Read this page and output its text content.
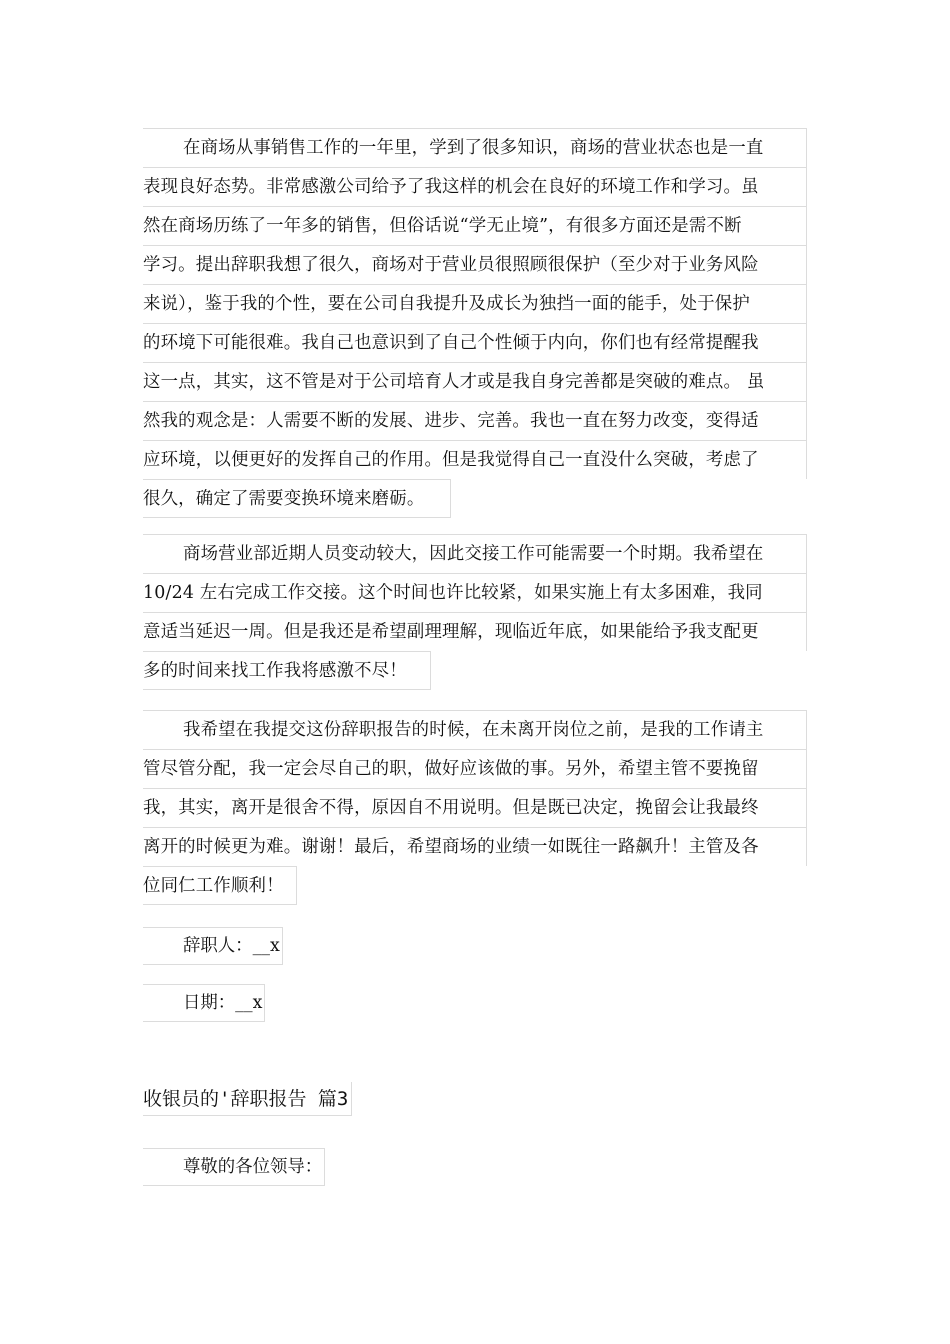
在商场从事销售工作的一年里，学到了很多知识，商场的营业状态也是一直
表现良好态势。非常感激公司给予了我这样的机会在良好的环境工作和学习。虽
然在商场历练了一年多的销售，但俗话说“学无止境”，有很多方面还是需不断
学习。提出辞职我想了很久，商场对于营业员很照顾很保护（至少对于业务风险
来说），鉴于我的个性，要在公司自我提升及成长为独挡一面的能手，处于保护
的环境下可能很难。我自己也意识到了自己个性倾于内向，你们也有经常提醒我
这一点，其实，这不管是对于公司培育人才或是我自身完善都是突破的难点。 虽
然我的观念是：人需要不断的发展、进步、完善。我也一直在努力改变，变得适
应环境，以便更好的发挥自己的作用。但是我觉得自己一直没什么突破，考虑了
很久，确定了需要变换环境来磨砺。
商场营业部近期人员变动较大，因此交接工作可能需要一个时期。我希望在
10/24 左右完成工作交接。这个时间也许比较紧，如果实施上有太多困难，我同
意适当延迟一周。但是我还是希望副理理解，现临近年底，如果能给予我支配更
多的时间来找工作我将感激不尽！
我希望在我提交这份辞职报告的时候，在未离开岗位之前，是我的工作请主
管尽管分配，我一定会尽自己的职，做好应该做的事。另外，希望主管不要挽留
我，其实，离开是很舍不得，原因自不用说明。但是既已决定，挽留会让我最终
离开的时候更为难。谢谢！最后，希望商场的业绩一如既往一路飙升！主管及各
位同仁工作顺利！
辞职人：__x
日期：__x
收银员的'辞职报告 篇3
尊敬的各位领导：
